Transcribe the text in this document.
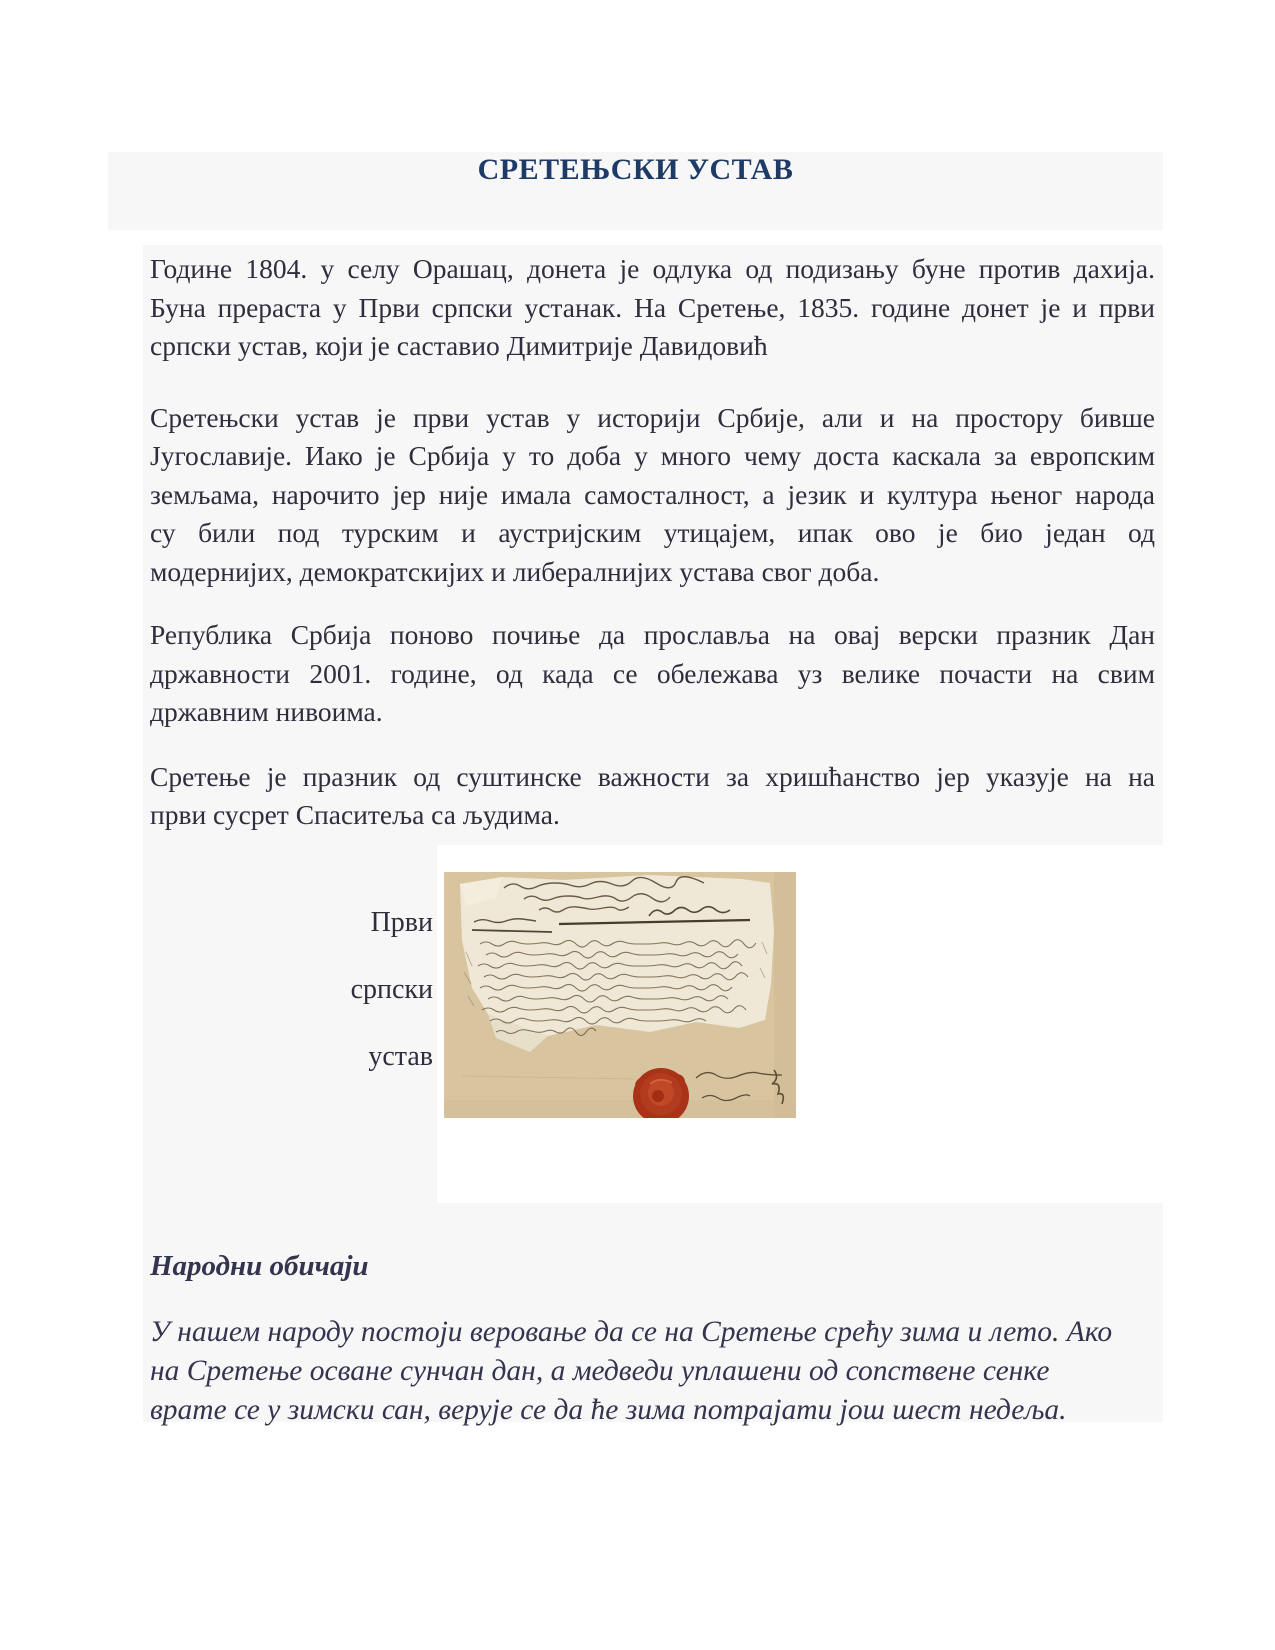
СРЕТЕЊСКИ УСТАВ
Године 1804. у селу Орашац, донета је одлука од подизању буне против дахија.
Буна прераста у Први српски устанак. На Сретење, 1835. године донет је и први
српски устав, који је саставио Димитрије Давидовић
Сретењски устав је први устав у историји Србије, али и на простору бивше
Југославије. Иако је Србија у то доба у много чему доста каскала за европским
земљама, нарочито јер није имала самосталност, а језик и култура њеног народа
су били под турским и аустријским утицајем, ипак ово је био један од
модернијих, демократскијих и либералнијих устава свог доба.
Република Србија поново почиње да прославља на овај верски празник Дан
државности 2001. године, од када се обележава уз велике почасти на свим
државним нивоима.
Сретење је празник од суштинске важности за хришћанство јер указује на на
први сусрет Спаситеља са људима.
Први
српски
устав
Народни обичаји
У нашем народу постоји веровање да се на Сретење срећу зима и лето. Ако
на Сретење осване сунчан дан, а медведи уплашени од сопствене сенке
врате се у зимски сан, верује се да ће зима потрајати још шест недеља.
